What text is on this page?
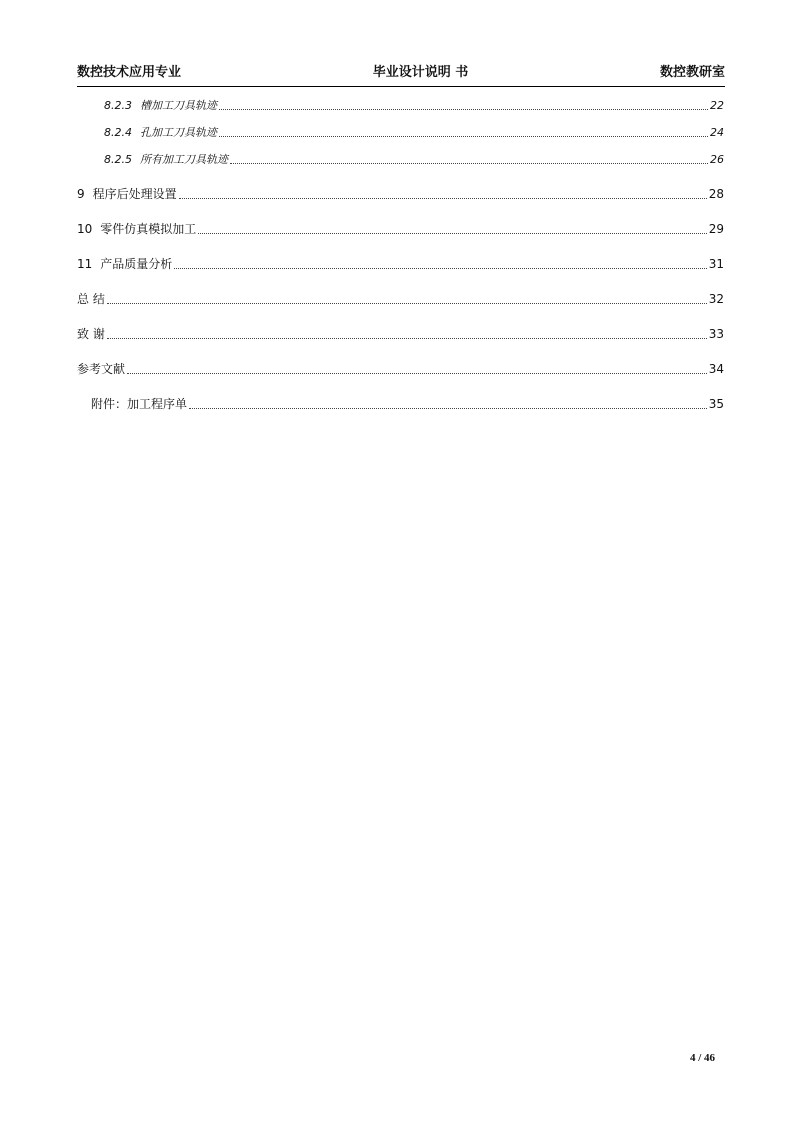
数控技术应用专业	毕业设计说明 书	数控教研室
8.2.3 槽加工刀具轨迹	22
8.2.4 孔加工刀具轨迹	24
8.2.5 所有加工刀具轨迹	26
9 程序后处理设置	28
10 零件仿真模拟加工	29
11 产品质量分析	31
总 结	32
致 谢	33
参考文献	34
附件：加工程序单	35
4 / 46
